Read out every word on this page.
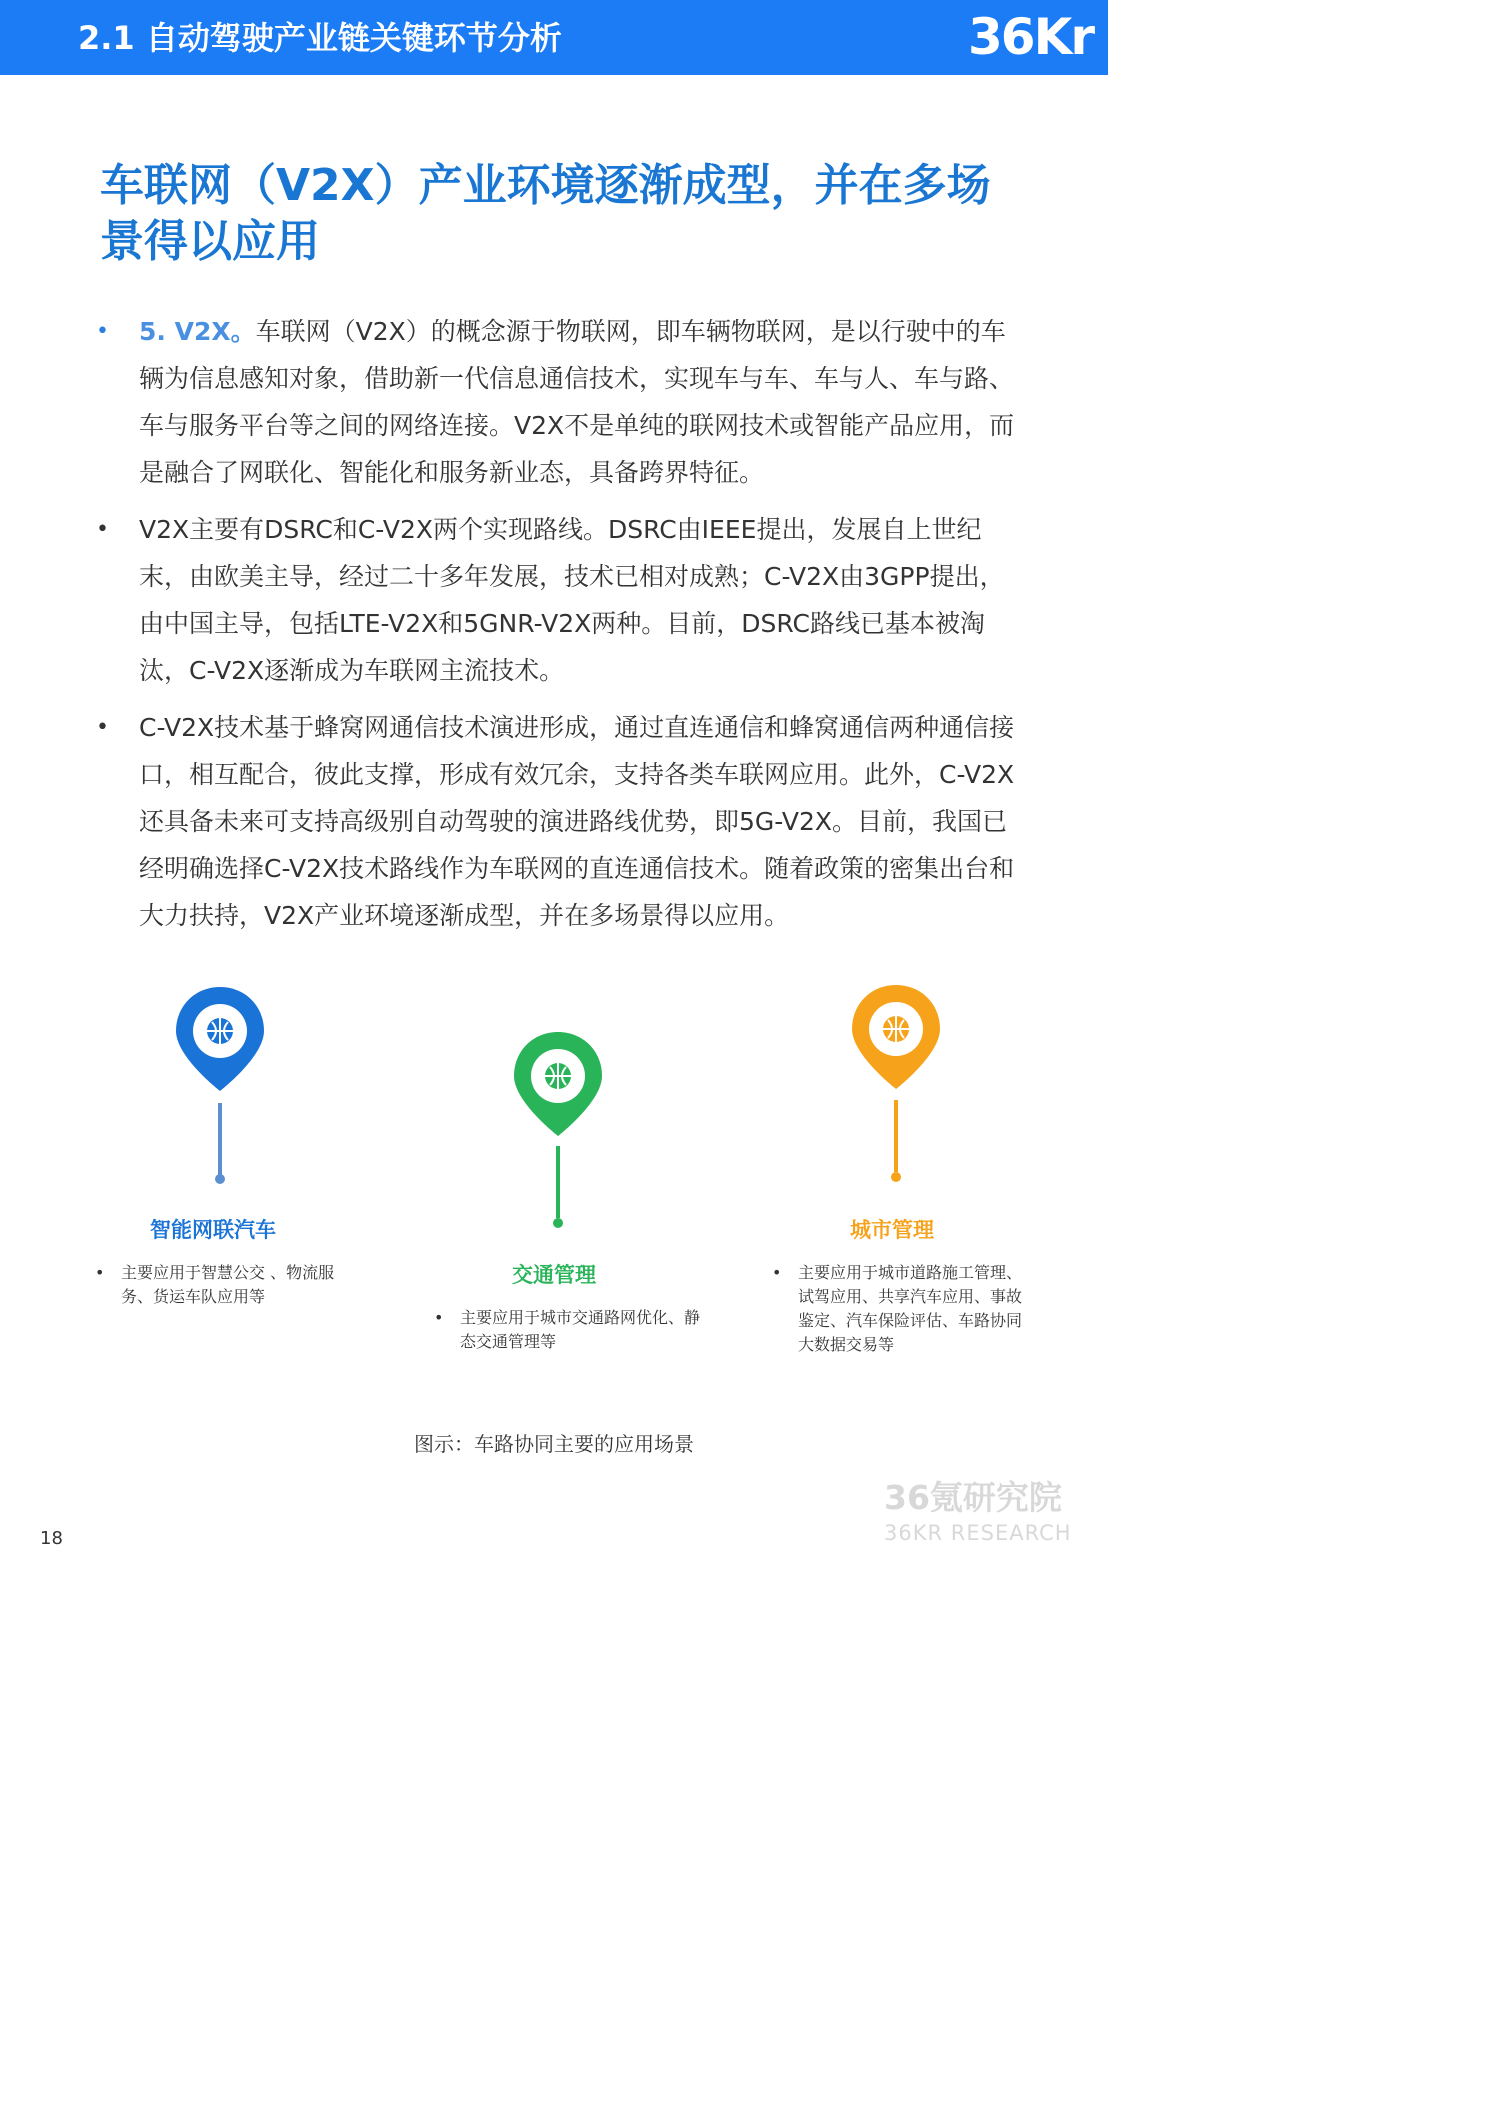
2.1 自动驾驶产业链关键环节分析	36Kr
车联网（V2X）产业环境逐渐成型，并在多场景得以应用
• 5. V2X。车联网（V2X）的概念源于物联网，即车辆物联网，是以行驶中的车辆为信息感知对象，借助新一代信息通信技术，实现车与车、车与人、车与路、车与服务平台等之间的网络连接。V2X不是单纯的联网技术或智能产品应用，而是融合了网联化、智能化和服务新业态，具备跨界特征。
• V2X主要有DSRC和C-V2X两个实现路线。DSRC由IEEE提出，发展自上世纪末，由欧美主导，经过二十多年发展，技术已相对成熟；C-V2X由3GPP提出，由中国主导，包括LTE-V2X和5GNR-V2X两种。目前，DSRC路线已基本被淘汰，C-V2X逐渐成为车联网主流技术。
• C-V2X技术基于蜂窝网通信技术演进形成，通过直连通信和蜂窝通信两种通信接口，相互配合，彼此支撑，形成有效冗余，支持各类车联网应用。此外，C-V2X还具备未来可支持高级别自动驾驶的演进路线优势，即5G-V2X。目前，我国已经明确选择C-V2X技术路线作为车联网的直连通信技术。随着政策的密集出台和大力扶持，V2X产业环境逐渐成型，并在多场景得以应用。
智能网联汽车
• 主要应用于智慧公交 、物流服务、货运车队应用等
交通管理
• 主要应用于城市交通路网优化、静态交通管理等
城市管理
• 主要应用于城市道路施工管理、试驾应用、共享汽车应用、事故鉴定、汽车保险评估、车路协同大数据交易等
图示：车路协同主要的应用场景
18
36氪研究院
36KR RESEARCH
